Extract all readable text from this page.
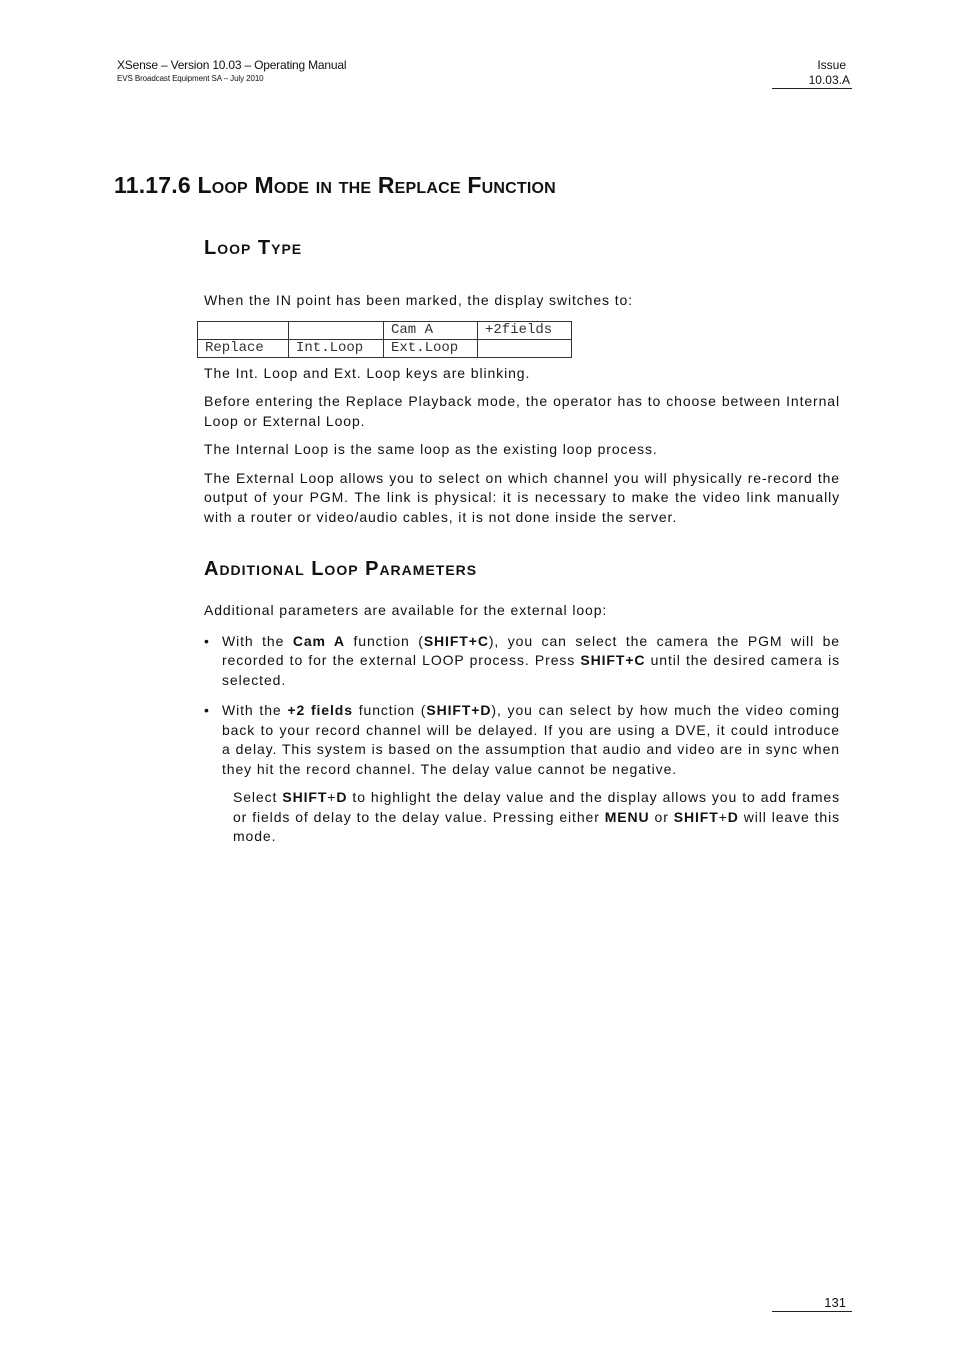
XSense – Version 10.03 – Operating Manual
EVS Broadcast Equipment SA – July 2010
Issue
10.03.A
11.17.6 Loop Mode in the Replace Function
Loop Type

When the IN point has been marked, the display switches to:

		Cam A	+2fields
Replace	Int.Loop	Ext.Loop	

The Int. Loop and Ext. Loop keys are blinking.

Before entering the Replace Playback mode, the operator has to choose between Internal Loop or External Loop.

The Internal Loop is the same loop as the existing loop process.

The External Loop allows you to select on which channel you will physically re-record the output of your PGM. The link is physical: it is necessary to make the video link manually with a router or video/audio cables, it is not done inside the server.

Additional Loop Parameters

Additional parameters are available for the external loop:

• With the Cam A function (SHIFT+C), you can select the camera the PGM will be recorded to for the external LOOP process. Press SHIFT+C until the desired camera is selected.
• With the +2 fields function (SHIFT+D), you can select by how much the video coming back to your record channel will be delayed. If you are using a DVE, it could introduce a delay. This system is based on the assumption that audio and video are in sync when they hit the record channel. The delay value cannot be negative.

Select SHIFT+D to highlight the delay value and the display allows you to add frames or fields of delay to the delay value. Pressing either MENU or SHIFT+D will leave this mode.

131
